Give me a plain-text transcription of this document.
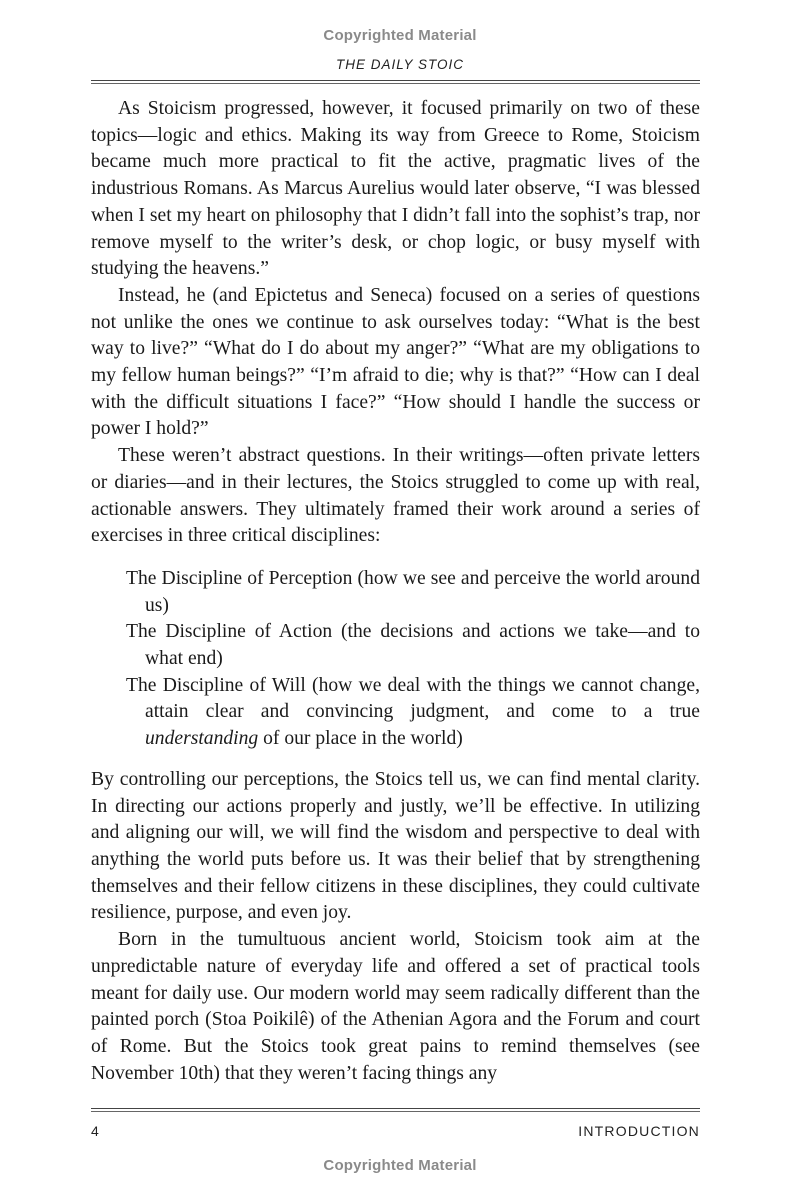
Copyrighted Material
THE DAILY STOIC

As Stoicism progressed, however, it focused primarily on two of these topics—logic and ethics. Making its way from Greece to Rome, Stoicism became much more practical to fit the active, pragmatic lives of the industrious Romans. As Marcus Aurelius would later observe, “I was blessed when I set my heart on philosophy that I didn’t fall into the sophist’s trap, nor remove myself to the writer’s desk, or chop logic, or busy myself with studying the heavens.”

Instead, he (and Epictetus and Seneca) focused on a series of questions not unlike the ones we continue to ask ourselves today: “What is the best way to live?” “What do I do about my anger?” “What are my obligations to my fellow human beings?” “I’m afraid to die; why is that?” “How can I deal with the difficult situations I face?” “How should I handle the success or power I hold?”

These weren’t abstract questions. In their writings—often private letters or diaries—and in their lectures, the Stoics struggled to come up with real, actionable answers. They ultimately framed their work around a series of exercises in three critical disciplines:

The Discipline of Perception (how we see and perceive the world around us)
The Discipline of Action (the decisions and actions we take—and to what end)
The Discipline of Will (how we deal with the things we cannot change, attain clear and convincing judgment, and come to a true understanding of our place in the world)

By controlling our perceptions, the Stoics tell us, we can find mental clarity. In directing our actions properly and justly, we’ll be effective. In utilizing and aligning our will, we will find the wisdom and perspective to deal with anything the world puts before us. It was their belief that by strengthening themselves and their fellow citizens in these disciplines, they could cultivate resilience, purpose, and even joy.

Born in the tumultuous ancient world, Stoicism took aim at the unpredictable nature of everyday life and offered a set of practical tools meant for daily use. Our modern world may seem radically different than the painted porch (Stoa Poikilê) of the Athenian Agora and the Forum and court of Rome. But the Stoics took great pains to remind themselves (see November 10th) that they weren’t facing things any

4	INTRODUCTION
Copyrighted Material
